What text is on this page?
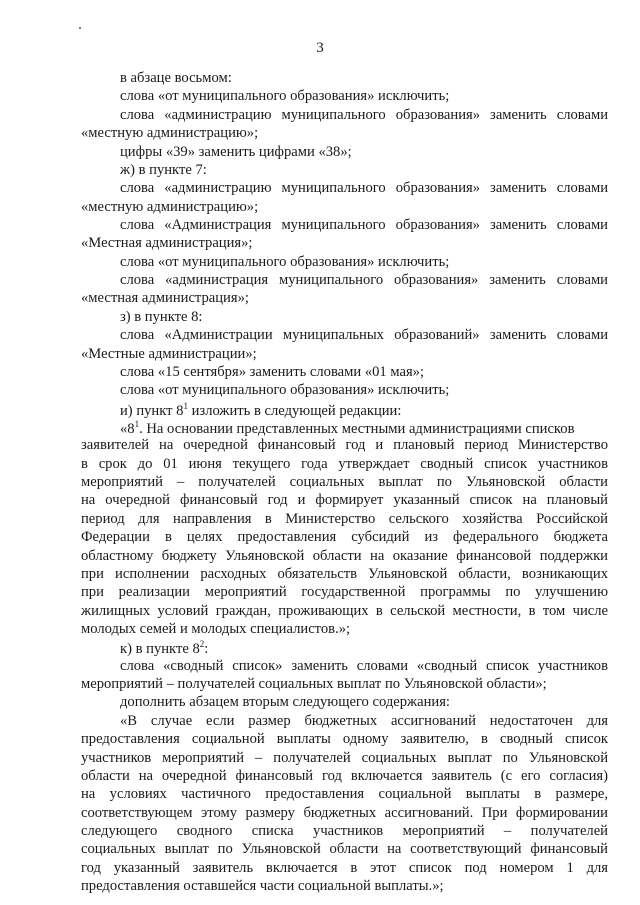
3
в абзаце восьмом:
слова «от муниципального образования» исключить;
слова «администрацию муниципального образования» заменить словами
«местную администрацию»;
цифры «39» заменить цифрами «38»;
ж) в пункте 7:
слова «администрацию муниципального образования» заменить словами
«местную администрацию»;
слова «Администрация муниципального образования» заменить словами
«Местная администрация»;
слова «от муниципального образования» исключить;
слова «администрация муниципального образования» заменить словами
«местная администрация»;
з) в пункте 8:
слова «Администрации муниципальных образований» заменить словами
«Местные администрации»;
слова «15 сентября» заменить словами «01 мая»;
слова «от муниципального образования» исключить;
и) пункт $8^1$ изложить в следующей редакции:
«$8^1$. На основании представленных местными администрациями списков
заявителей на очередной финансовый год и плановый период Министерство
в срок до 01 июня текущего года утверждает сводный список участников
мероприятий – получателей социальных выплат по Ульяновской области
на очередной финансовый год и формирует указанный список на плановый
период для направления в Министерство сельского хозяйства Российской
Федерации в целях предоставления субсидий из федерального бюджета
областному бюджету Ульяновской области на оказание финансовой поддержки
при исполнении расходных обязательств Ульяновской области, возникающих
при реализации мероприятий государственной программы по улучшению
жилищных условий граждан, проживающих в сельской местности, в том числе
молодых семей и молодых специалистов.»;
к) в пункте $8^2$:
слова «сводный список» заменить словами «сводный список участников
мероприятий – получателей социальных выплат по Ульяновской области»;
дополнить абзацем вторым следующего содержания:
«В случае если размер бюджетных ассигнований недостаточен для
предоставления социальной выплаты одному заявителю, в сводный список
участников мероприятий – получателей социальных выплат по Ульяновской
области на очередной финансовый год включается заявитель (с его согласия)
на условиях частичного предоставления социальной выплаты в размере,
соответствующем этому размеру бюджетных ассигнований. При формировании
следующего сводного списка участников мероприятий – получателей
социальных выплат по Ульяновской области на соответствующий финансовый
год указанный заявитель включается в этот список под номером 1 для
предоставления оставшейся части социальной выплаты.»;
